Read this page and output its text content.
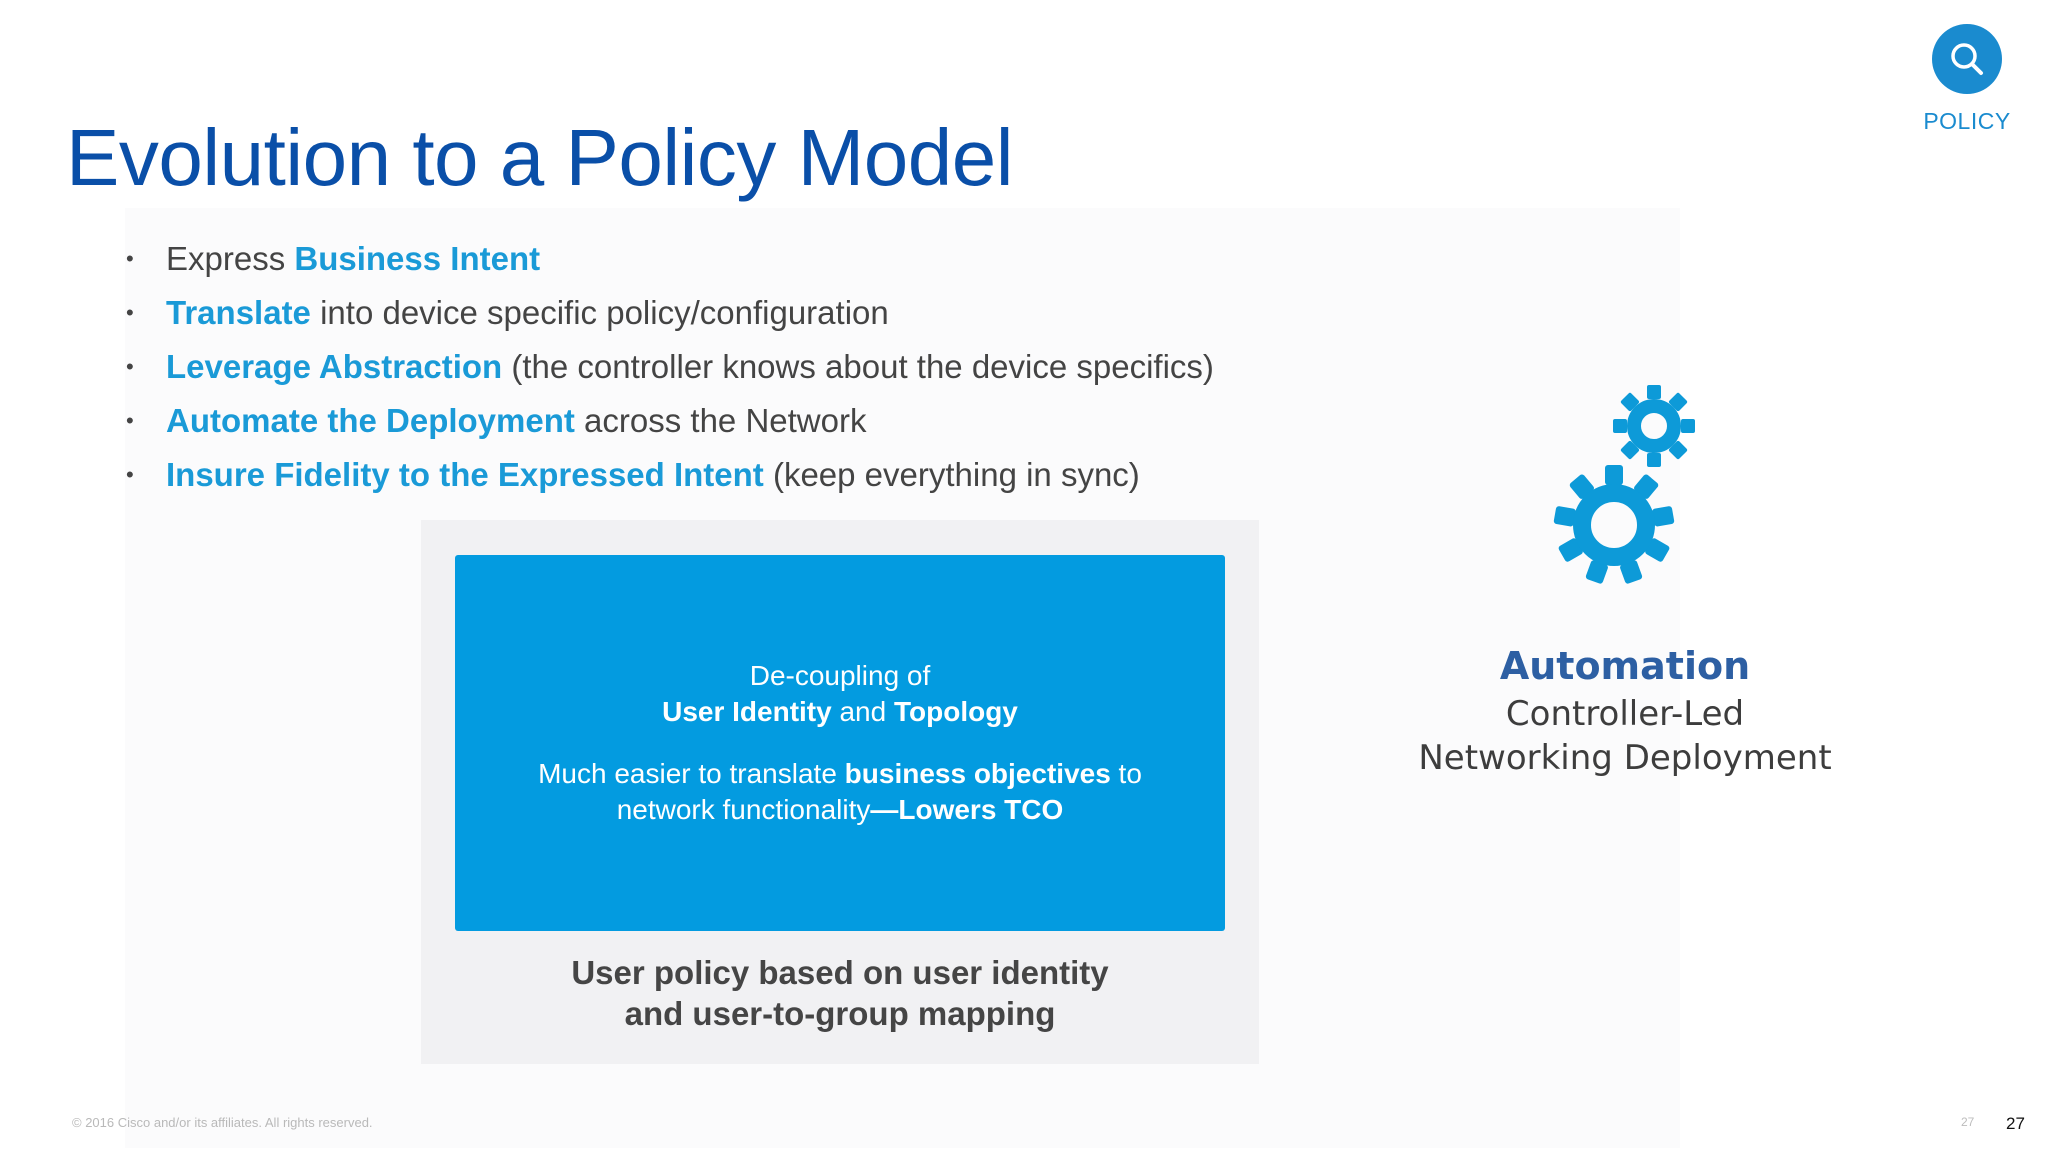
Evolution to a Policy Model	POLICY
• Express Business Intent
• Translate into device specific policy/configuration
• Leverage Abstraction (the controller knows about the device specifics)
• Automate the Deployment across the Network
• Insure Fidelity to the Expressed Intent (keep everything in sync)

De-coupling of

User Identity and Topology

Much easier to translate business objectives to

network functionality—Lowers TCO

User policy based on user identity
and user-to-group mapping
Automation
Controller-Led
Networking Deployment
© 2016 Cisco and/or its affiliates. All rights reserved.	27 27
